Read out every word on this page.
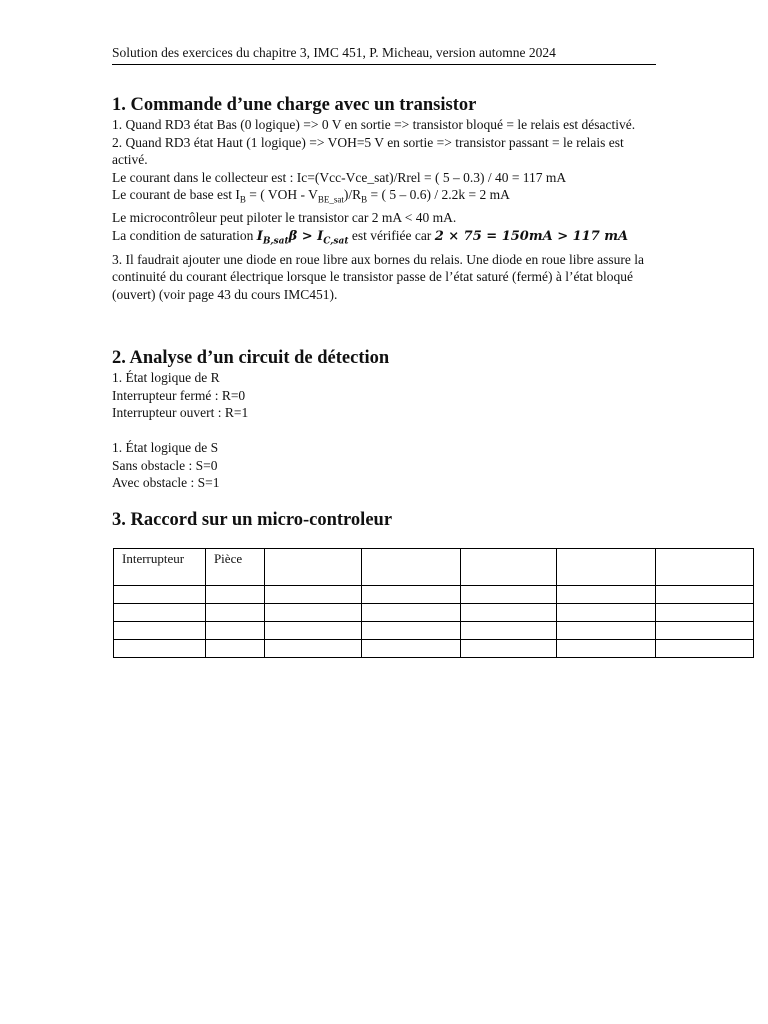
Solution des exercices du chapitre 3, IMC 451, P. Micheau, version automne 2024
1. Commande d’une charge avec un transistor
1. Quand RD3 état Bas (0 logique) => 0 V en sortie => transistor bloqué = le relais est désactivé.
2. Quand RD3 état Haut (1 logique) => VOH=5 V en sortie => transistor passant = le relais est activé.
Le courant dans le collecteur est : Ic=(Vcc-Vce_sat)/Rrel = ( 5 – 0.3) / 40 = 117 mA
Le courant de base est $I_B$ = ( VOH - $V_{BE\_sat})/R_B$ = ( 5 – 0.6) / 2.2k = 2 mA
Le microcontrôleur peut piloter le transistor car 2 mA < 40 mA.
La condition de saturation $I_{B,sat}\beta > I_{C,sat}$ est vérifiée car 2 × 75 = 150mA > 117 mA
3. Il faudrait ajouter une diode en roue libre aux bornes du relais. Une diode en roue libre assure la continuité du courant électrique lorsque le transistor passe de l’état saturé (fermé) à l’état bloqué (ouvert) (voir page 43 du cours IMC451).
2. Analyse d’un circuit de détection
1. État logique de R
Interrupteur fermé : R=0
Interrupteur ouvert : R=1
1. État logique de S
Sans obstacle : S=0
Avec obstacle : S=1
3. Raccord sur un micro-controleur
Interrupteur	Pièce					
